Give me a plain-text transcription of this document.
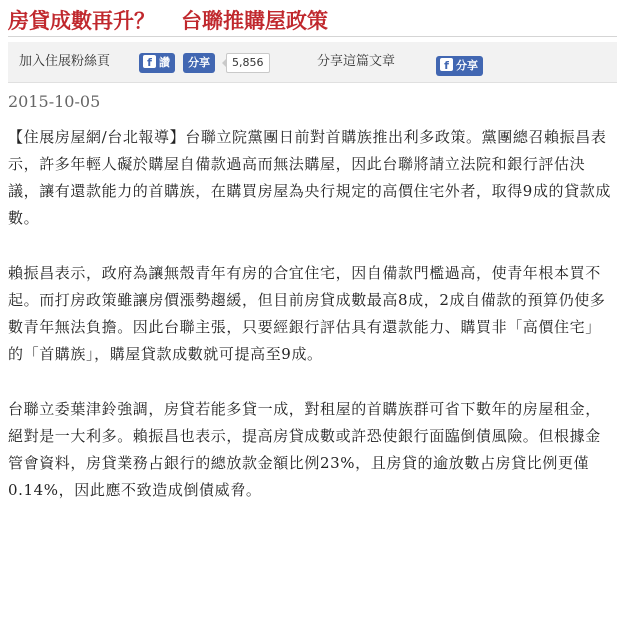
房貸成數再升？ 台聯推購屋政策
加入住展粉絲頁	f 讚	分享	5,856	分享這篇文章	f 分享
2015-10-05

【住展房屋網/台北報導】台聯立院黨團日前對首購族推出利多政策。黨團總召賴振昌表示，許多年輕人礙於購屋自備款過高而無法購屋，因此台聯將請立法院和銀行評估決議，讓有還款能力的首購族，在購買房屋為央行規定的高價住宅外者，取得9成的貸款成數。

賴振昌表示，政府為讓無殼青年有房的合宜住宅，因自備款門檻過高，使青年根本買不起。而打房政策雖讓房價漲勢趨緩，但目前房貸成數最高8成，2成自備款的預算仍使多數青年無法負擔。因此台聯主張，只要經銀行評估具有還款能力、購買非「高價住宅」的「首購族」，購屋貸款成數就可提高至9成。

台聯立委葉津鈴強調，房貸若能多貸一成，對租屋的首購族群可省下數年的房屋租金，絕對是一大利多。賴振昌也表示，提高房貸成數或許恐使銀行面臨倒債風險。但根據金管會資料，房貸業務占銀行的總放款金額比例23%，且房貸的逾放數占房貸比例更僅0.14%，因此應不致造成倒債威脅。
